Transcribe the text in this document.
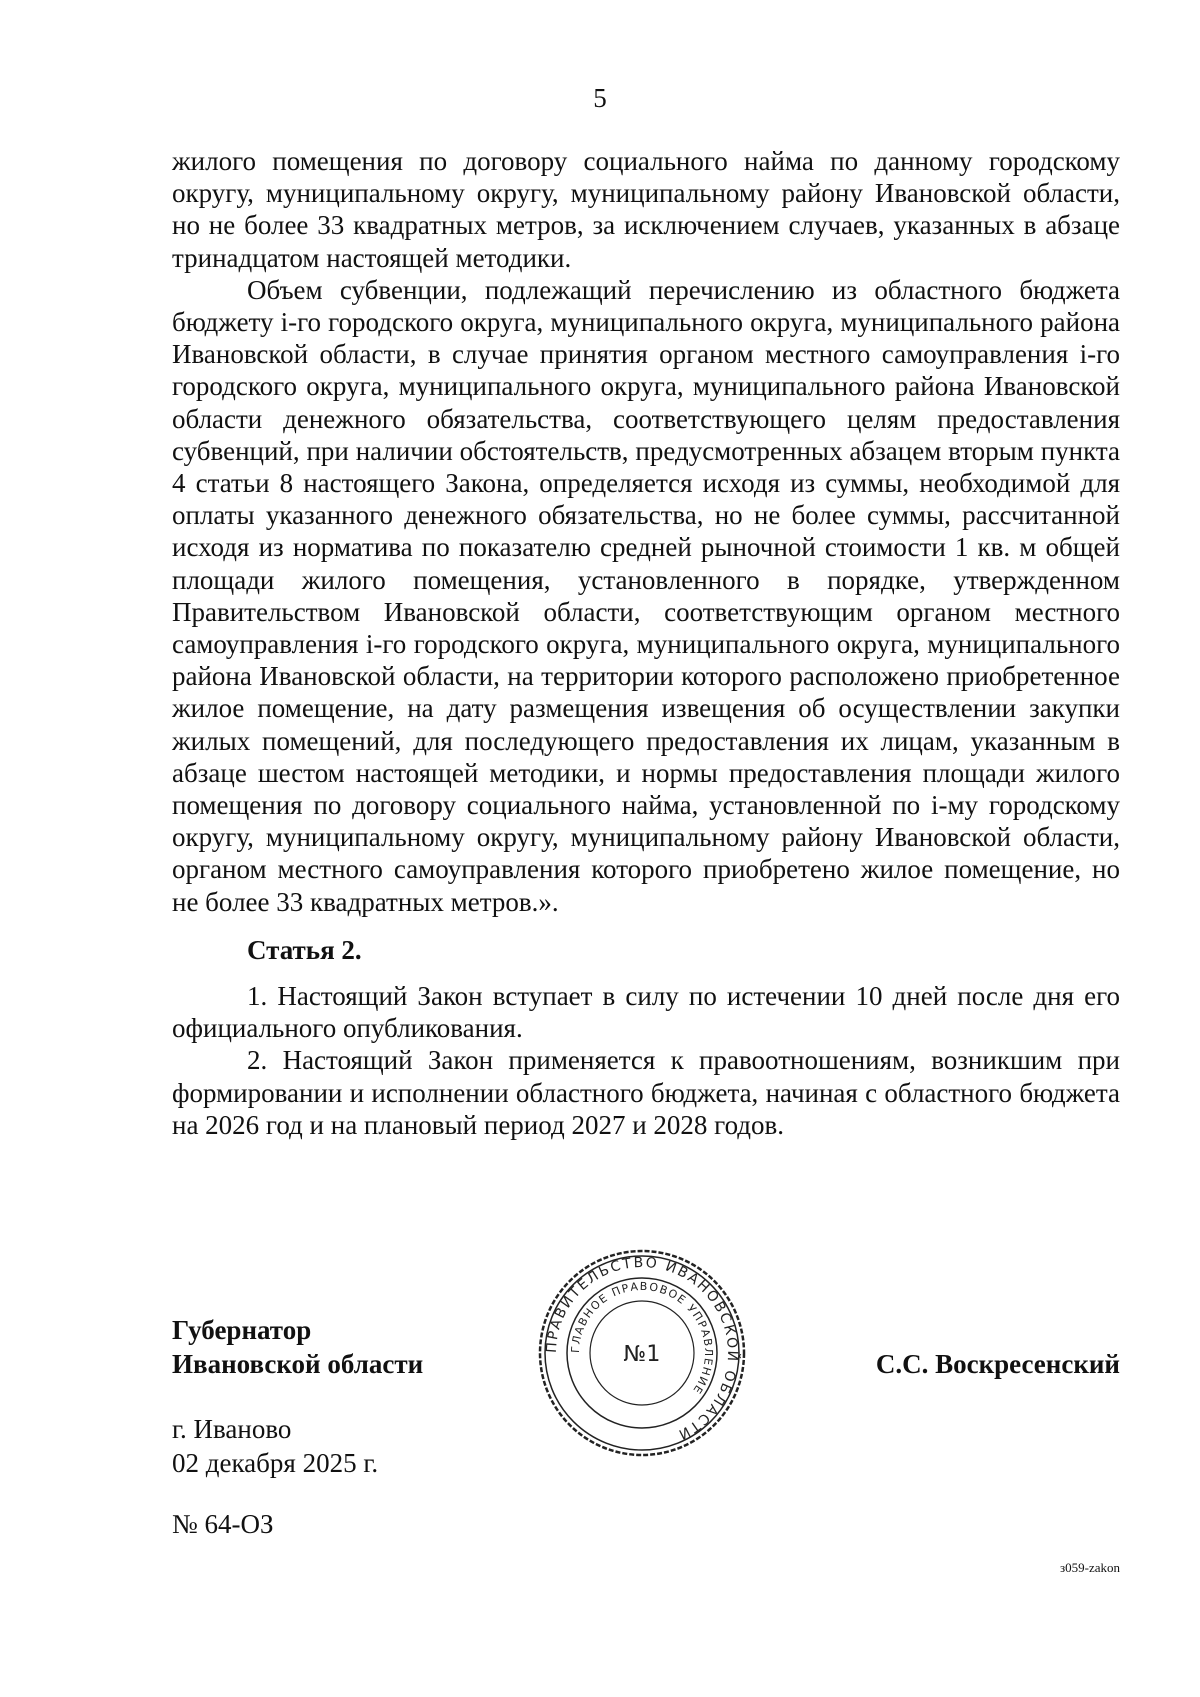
5

жилого помещения по договору социального найма по данному городскому округу, муниципальному округу, муниципальному району Ивановской области, но не более 33 квадратных метров, за исключением случаев, указанных в абзаце тринадцатом настоящей методики.

Объем субвенции, подлежащий перечислению из областного бюджета бюджету i-го городского округа, муниципального округа, муниципального района Ивановской области, в случае принятия органом местного самоуправления i-го городского округа, муниципального округа, муниципального района Ивановской области денежного обязательства, соответствующего целям предоставления субвенций, при наличии обстоятельств, предусмотренных абзацем вторым пункта 4 статьи 8 настоящего Закона, определяется исходя из суммы, необходимой для оплаты указанного денежного обязательства, но не более суммы, рассчитанной исходя из норматива по показателю средней рыночной стоимости 1 кв. м общей площади жилого помещения, установленного в порядке, утвержденном Правительством Ивановской области, соответствующим органом местного самоуправления i-го городского округа, муниципального округа, муниципального района Ивановской области, на территории которого расположено приобретенное жилое помещение, на дату размещения извещения об осуществлении закупки жилых помещений, для последующего предоставления их лицам, указанным в абзаце шестом настоящей методики, и нормы предоставления площади жилого помещения по договору социального найма, установленной по i-му городскому округу, муниципальному округу, муниципальному району Ивановской области, органом местного самоуправления которого приобретено жилое помещение, но не более 33 квадратных метров.».

Статья 2.

1. Настоящий Закон вступает в силу по истечении 10 дней после дня его официального опубликования.

2. Настоящий Закон применяется к правоотношениям, возникшим при формировании и исполнении областного бюджета, начиная с областного бюджета на 2026 год и на плановый период 2027 и 2028 годов.

Губернатор
Ивановской области
ПРАВИТЕЛЬСТВО ИВАНОВСКОЙ ОБЛАСТИ
ГЛАВНОЕ ПРАВОВОЕ УПРАВЛЕНИЕ
№1	С.С. Воскресенский
г. Иваново
02 декабря 2025 г.
№ 64-ОЗ
з059-zakon
